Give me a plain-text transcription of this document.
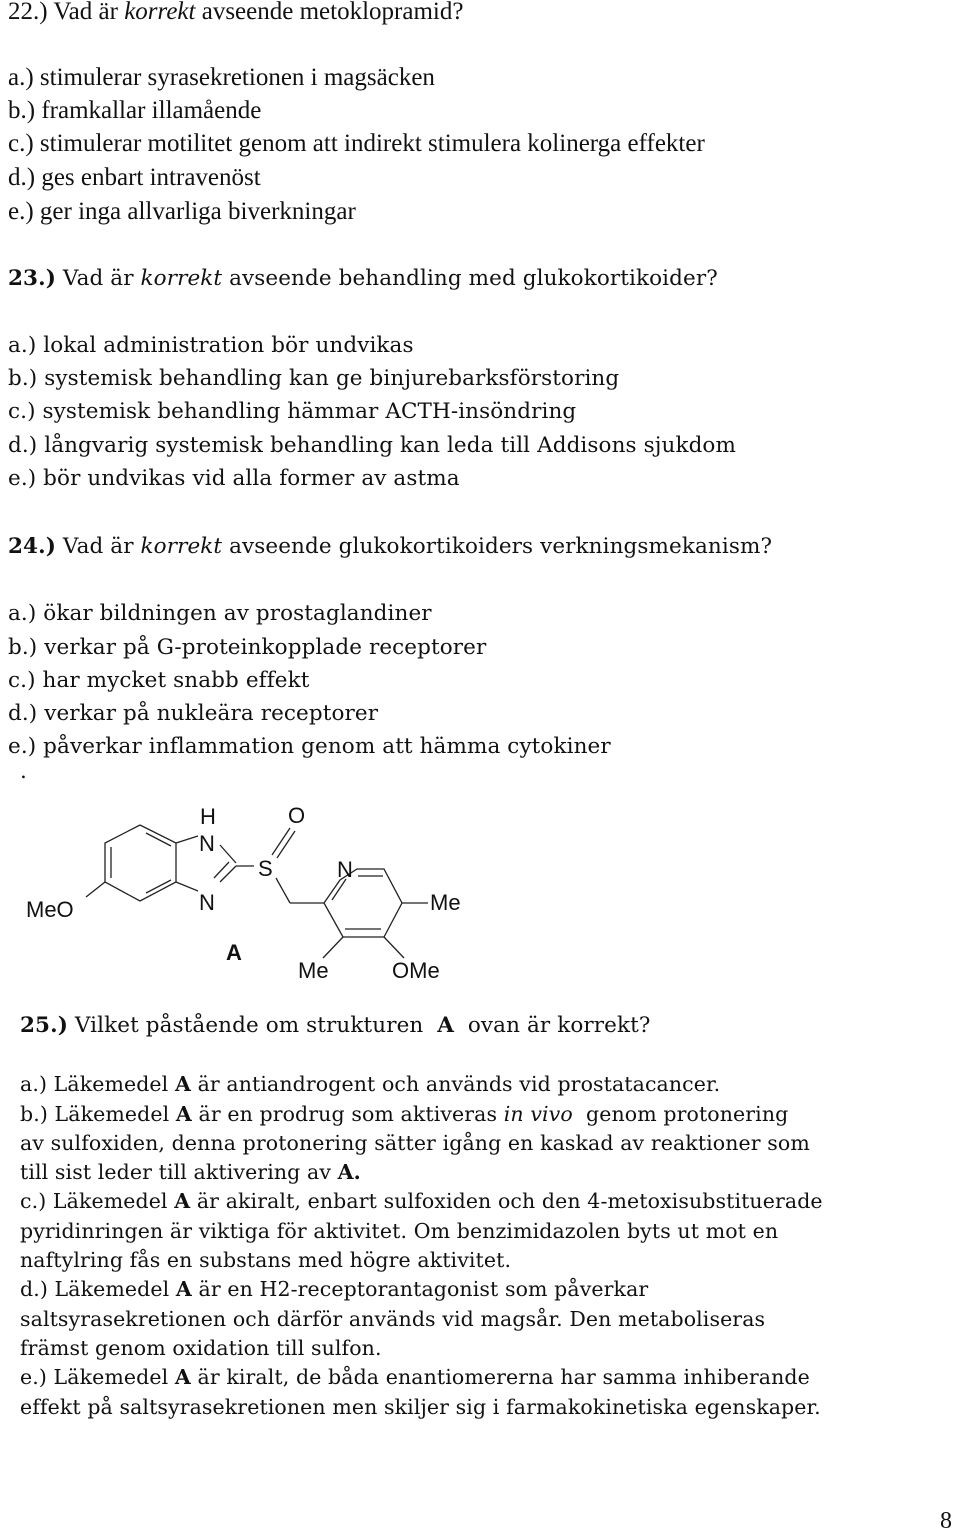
22.) Vad är korrekt avseende metoklopramid?
a.) stimulerar syrasekretionen i magsäcken
b.) framkallar illamående
c.) stimulerar motilitet genom att indirekt stimulera kolinerga effekter
d.) ges enbart intravenöst
e.) ger inga allvarliga biverkningar
23.) Vad är korrekt avseende behandling med glukokortikoider?
a.) lokal administration bör undvikas
b.) systemisk behandling kan ge binjurebarksförstoring
c.) systemisk behandling hämmar ACTH-insöndring
d.) långvarig systemisk behandling kan leda till Addisons sjukdom
e.) bör undvikas vid alla former av astma
24.) Vad är korrekt avseende glukokortikoiders verkningsmekanism?
a.) ökar bildningen av prostaglandiner
b.) verkar på G-proteinkopplade receptorer
c.) har mycket snabb effekt
d.) verkar på nukleära receptorer
e.) påverkar inflammation genom att hämma cytokiner
.
H
N
O
S	N
N
MeO	Me
A
Me	OMe
25.) Vilket påstående om strukturen A ovan är korrekt?
a.) Läkemedel A är antiandrogent och används vid prostatacancer.
b.) Läkemedel A är en prodrug som aktiveras in vivo genom protonering
av sulfoxiden, denna protonering sätter igång en kaskad av reaktioner som
till sist leder till aktivering av A.
c.) Läkemedel A är akiralt, enbart sulfoxiden och den 4-metoxisubstituerade
pyridinringen är viktiga för aktivitet. Om benzimidazolen byts ut mot en
naftylring fås en substans med högre aktivitet.
d.) Läkemedel A är en H2-receptorantagonist som påverkar
saltsyrasekretionen och därför används vid magsår. Den metaboliseras
främst genom oxidation till sulfon.
e.) Läkemedel A är kiralt, de båda enantiomererna har samma inhiberande
effekt på saltsyrasekretionen men skiljer sig i farmakokinetiska egenskaper.
8
